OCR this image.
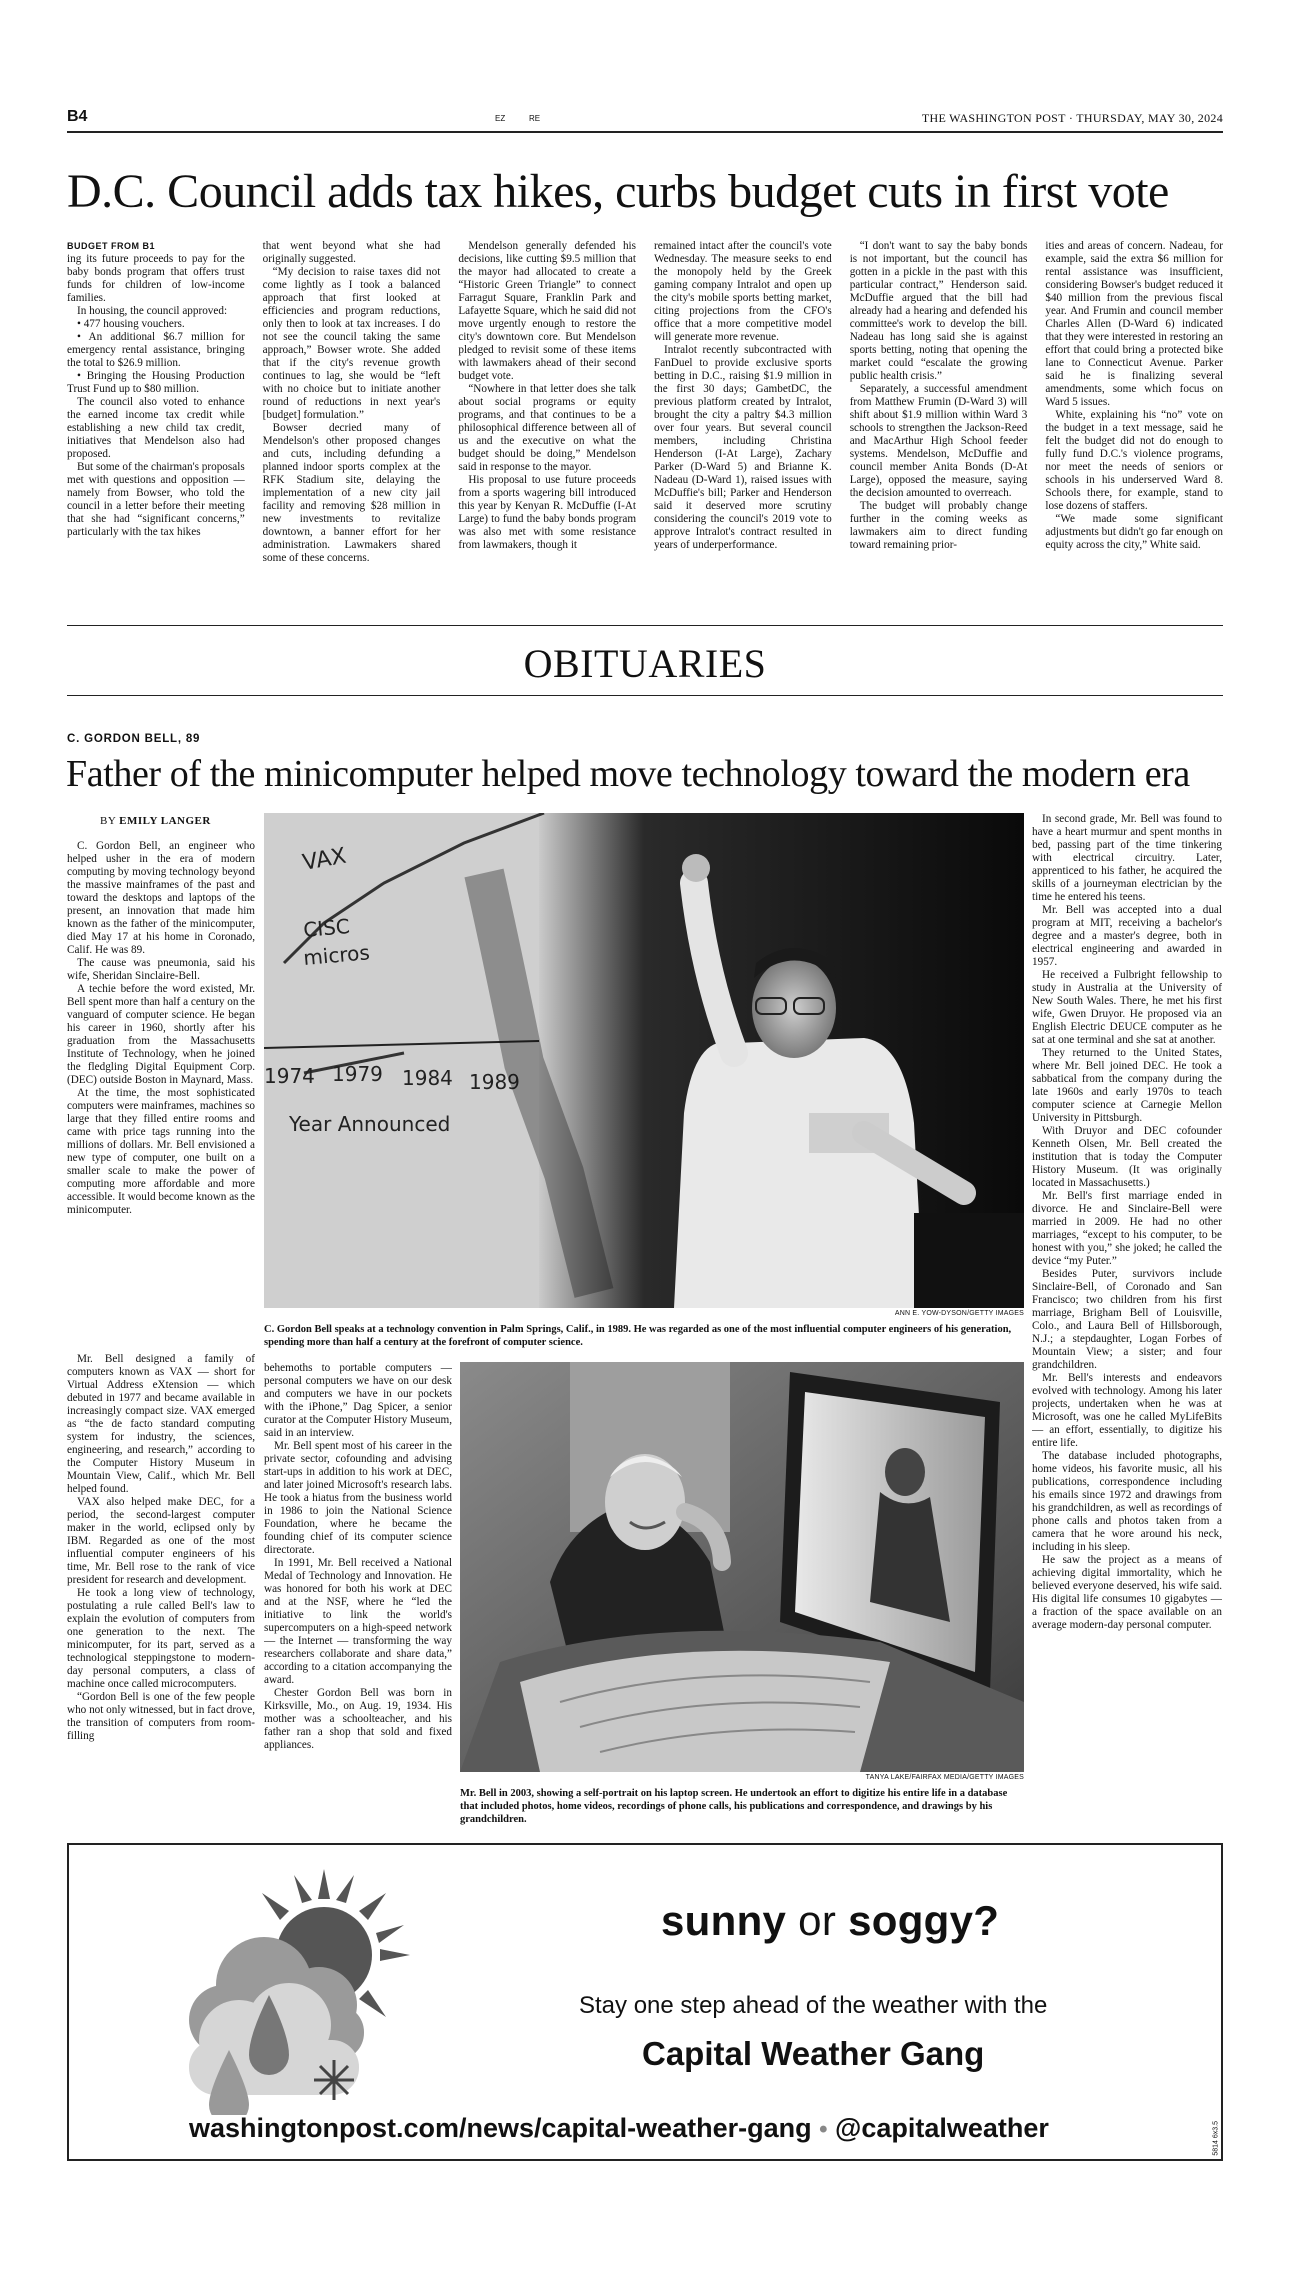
B4	EZ	RE	THE WASHINGTON POST · THURSDAY, MAY 30, 2024
D.C. Council adds tax hikes, curbs budget cuts in first vote

BUDGET FROM B1

ing its future proceeds to pay for the baby bonds program that offers trust funds for children of low-income families.

In housing, the council approved:

• 477 housing vouchers.

• An additional $6.7 million for emergency rental assistance, bringing the total to $26.9 million.

• Bringing the Housing Production Trust Fund up to $80 million.

The council also voted to enhance the earned income tax credit while establishing a new child tax credit, initiatives that Mendelson also had proposed.

But some of the chairman's proposals met with questions and opposition — namely from Bowser, who told the council in a letter before their meeting that she had “significant concerns,” particularly with the tax hikes

that went beyond what she had originally suggested.

“My decision to raise taxes did not come lightly as I took a balanced approach that first looked at efficiencies and program reductions, only then to look at tax increases. I do not see the council taking the same approach,” Bowser wrote. She added that if the city's revenue growth continues to lag, she would be “left with no choice but to initiate another round of reductions in next year's [budget] formulation.”

Bowser decried many of Mendelson's other proposed changes and cuts, including defunding a planned indoor sports complex at the RFK Stadium site, delaying the implementation of a new city jail facility and removing $28 million in new investments to revitalize downtown, a banner effort for her administration. Lawmakers shared some of these concerns.

Mendelson generally defended his decisions, like cutting $9.5 million that the mayor had allocated to create a “Historic Green Triangle” to connect Farragut Square, Franklin Park and Lafayette Square, which he said did not move urgently enough to restore the city's downtown core. But Mendelson pledged to revisit some of these items with lawmakers ahead of their second budget vote.

“Nowhere in that letter does she talk about social programs or equity programs, and that continues to be a philosophical difference between all of us and the executive on what the budget should be doing,” Mendelson said in response to the mayor.

His proposal to use future proceeds from a sports wagering bill introduced this year by Kenyan R. McDuffie (I-At Large) to fund the baby bonds program was also met with some resistance from lawmakers, though it

remained intact after the council's vote Wednesday. The measure seeks to end the monopoly held by the Greek gaming company Intralot and open up the city's mobile sports betting market, citing projections from the CFO's office that a more competitive model will generate more revenue.

Intralot recently subcontracted with FanDuel to provide exclusive sports betting in D.C., raising $1.9 million in the first 30 days; GambetDC, the previous platform created by Intralot, brought the city a paltry $4.3 million over four years. But several council members, including Christina Henderson (I-At Large), Zachary Parker (D-Ward 5) and Brianne K. Nadeau (D-Ward 1), raised issues with McDuffie's bill; Parker and Henderson said it deserved more scrutiny considering the council's 2019 vote to approve Intralot's contract resulted in years of underperformance.

“I don't want to say the baby bonds is not important, but the council has gotten in a pickle in the past with this particular contract,” Henderson said. McDuffie argued that the bill had already had a hearing and defended his committee's work to develop the bill. Nadeau has long said she is against sports betting, noting that opening the market could “escalate the growing public health crisis.”

Separately, a successful amendment from Matthew Frumin (D-Ward 3) will shift about $1.9 million within Ward 3 schools to strengthen the Jackson-Reed and MacArthur High School feeder systems. Mendelson, McDuffie and council member Anita Bonds (D-At Large), opposed the measure, saying the decision amounted to overreach.

The budget will probably change further in the coming weeks as lawmakers aim to direct funding toward remaining prior-

ities and areas of concern. Nadeau, for example, said the extra $6 million for rental assistance was insufficient, considering Bowser's budget reduced it $40 million from the previous fiscal year. And Frumin and council member Charles Allen (D-Ward 6) indicated that they were interested in restoring an effort that could bring a protected bike lane to Connecticut Avenue. Parker said he is finalizing several amendments, some which focus on Ward 5 issues.

White, explaining his “no” vote on the budget in a text message, said he felt the budget did not do enough to fully fund D.C.'s violence programs, nor meet the needs of seniors or schools in his underserved Ward 8. Schools there, for example, stand to lose dozens of staffers.

“We made some significant adjustments but didn't go far enough on equity across the city,” White said.

OBITUARIES
C. GORDON BELL, 89
Father of the minicomputer helped move technology toward the modern era
BY EMILY LANGER

C. Gordon Bell, an engineer who helped usher in the era of modern computing by moving technology beyond the massive mainframes of the past and toward the desktops and laptops of the present, an innovation that made him known as the father of the minicomputer, died May 17 at his home in Coronado, Calif. He was 89.

The cause was pneumonia, said his wife, Sheridan Sinclaire-Bell.

A techie before the word existed, Mr. Bell spent more than half a century on the vanguard of computer science. He began his career in 1960, shortly after his graduation from the Massachusetts Institute of Technology, when he joined the fledgling Digital Equipment Corp. (DEC) outside Boston in Maynard, Mass.

At the time, the most sophisticated computers were mainframes, machines so large that they filled entire rooms and came with price tags running into the millions of dollars. Mr. Bell envisioned a new type of computer, one built on a smaller scale to make the power of computing more affordable and more accessible. It would become known as the minicomputer.

Mr. Bell designed a family of computers known as VAX — short for Virtual Address eXtension — which debuted in 1977 and became available in increasingly compact size. VAX emerged as “the de facto standard computing system for industry, the sciences, engineering, and research,” according to the Computer History Museum in Mountain View, Calif., which Mr. Bell helped found.

VAX also helped make DEC, for a period, the second-largest computer maker in the world, eclipsed only by IBM. Regarded as one of the most influential computer engineers of his time, Mr. Bell rose to the rank of vice president for research and development.

He took a long view of technology, postulating a rule called Bell's law to explain the evolution of computers from one generation to the next. The minicomputer, for its part, served as a technological steppingstone to modern-day personal computers, a class of machine once called microcomputers.

“Gordon Bell is one of the few people who not only witnessed, but in fact drove, the transition of computers from room-filling

behemoths to portable computers — personal computers we have on our desk and computers we have in our pockets with the iPhone,” Dag Spicer, a senior curator at the Computer History Museum, said in an interview.

Mr. Bell spent most of his career in the private sector, cofounding and advising start-ups in addition to his work at DEC, and later joined Microsoft's research labs. He took a hiatus from the business world in 1986 to join the National Science Foundation, where he became the founding chief of its computer science directorate.

In 1991, Mr. Bell received a National Medal of Technology and Innovation. He was honored for both his work at DEC and at the NSF, where he “led the initiative to link the world's supercomputers on a high-speed network — the Internet — transforming the way researchers collaborate and share data,” according to a citation accompanying the award.

Chester Gordon Bell was born in Kirksville, Mo., on Aug. 19, 1934. His mother was a schoolteacher, and his father ran a shop that sold and fixed appliances.

In second grade, Mr. Bell was found to have a heart murmur and spent months in bed, passing part of the time tinkering with electrical circuitry. Later, apprenticed to his father, he acquired the skills of a journeyman electrician by the time he entered his teens.

Mr. Bell was accepted into a dual program at MIT, receiving a bachelor's degree and a master's degree, both in electrical engineering and awarded in 1957.

He received a Fulbright fellowship to study in Australia at the University of New South Wales. There, he met his first wife, Gwen Druyor. He proposed via an English Electric DEUCE computer as he sat at one terminal and she sat at another.

They returned to the United States, where Mr. Bell joined DEC. He took a sabbatical from the company during the late 1960s and early 1970s to teach computer science at Carnegie Mellon University in Pittsburgh.

With Druyor and DEC cofounder Kenneth Olsen, Mr. Bell created the institution that is today the Computer History Museum. (It was originally located in Massachusetts.)

Mr. Bell's first marriage ended in divorce. He and Sinclaire-Bell were married in 2009. He had no other marriages, “except to his computer, to be honest with you,” she joked; he called the device “my Puter.”

Besides Puter, survivors include Sinclaire-Bell, of Coronado and San Francisco; two children from his first marriage, Brigham Bell of Louisville, Colo., and Laura Bell of Hillsborough, N.J.; a stepdaughter, Logan Forbes of Mountain View; a sister; and four grandchildren.

Mr. Bell's interests and endeavors evolved with technology. Among his later projects, undertaken when he was at Microsoft, was one he called MyLifeBits — an effort, essentially, to digitize his entire life.

The database included photographs, home videos, his favorite music, all his publications, correspondence including his emails since 1972 and drawings from his grandchildren, as well as recordings of phone calls and photos taken from a camera that he wore around his neck, including in his sleep.

He saw the project as a means of achieving digital immortality, which he believed everyone deserved, his wife said. His digital life consumes 10 gigabytes — a fraction of the space available on an average modern-day personal computer.

VAX
CISC
micros
1974 1979 1984 1989
Year Announced
ANN E. YOW-DYSON/GETTY IMAGES
C. Gordon Bell speaks at a technology convention in Palm Springs, Calif., in 1989. He was regarded as one of the most influential computer engineers of his generation, spending more than half a century at the forefront of computer science.
TANYA LAKE/FAIRFAX MEDIA/GETTY IMAGES
Mr. Bell in 2003, showing a self-portrait on his laptop screen. He undertook an effort to digitize his entire life in a database that included photos, home videos, recordings of phone calls, his publications and correspondence, and drawings by his grandchildren.
sunny or soggy?
Stay one step ahead of the weather with the
Capital Weather Gang
washingtonpost.com/news/capital-weather-gang • @capitalweather	5814 6x3.5
